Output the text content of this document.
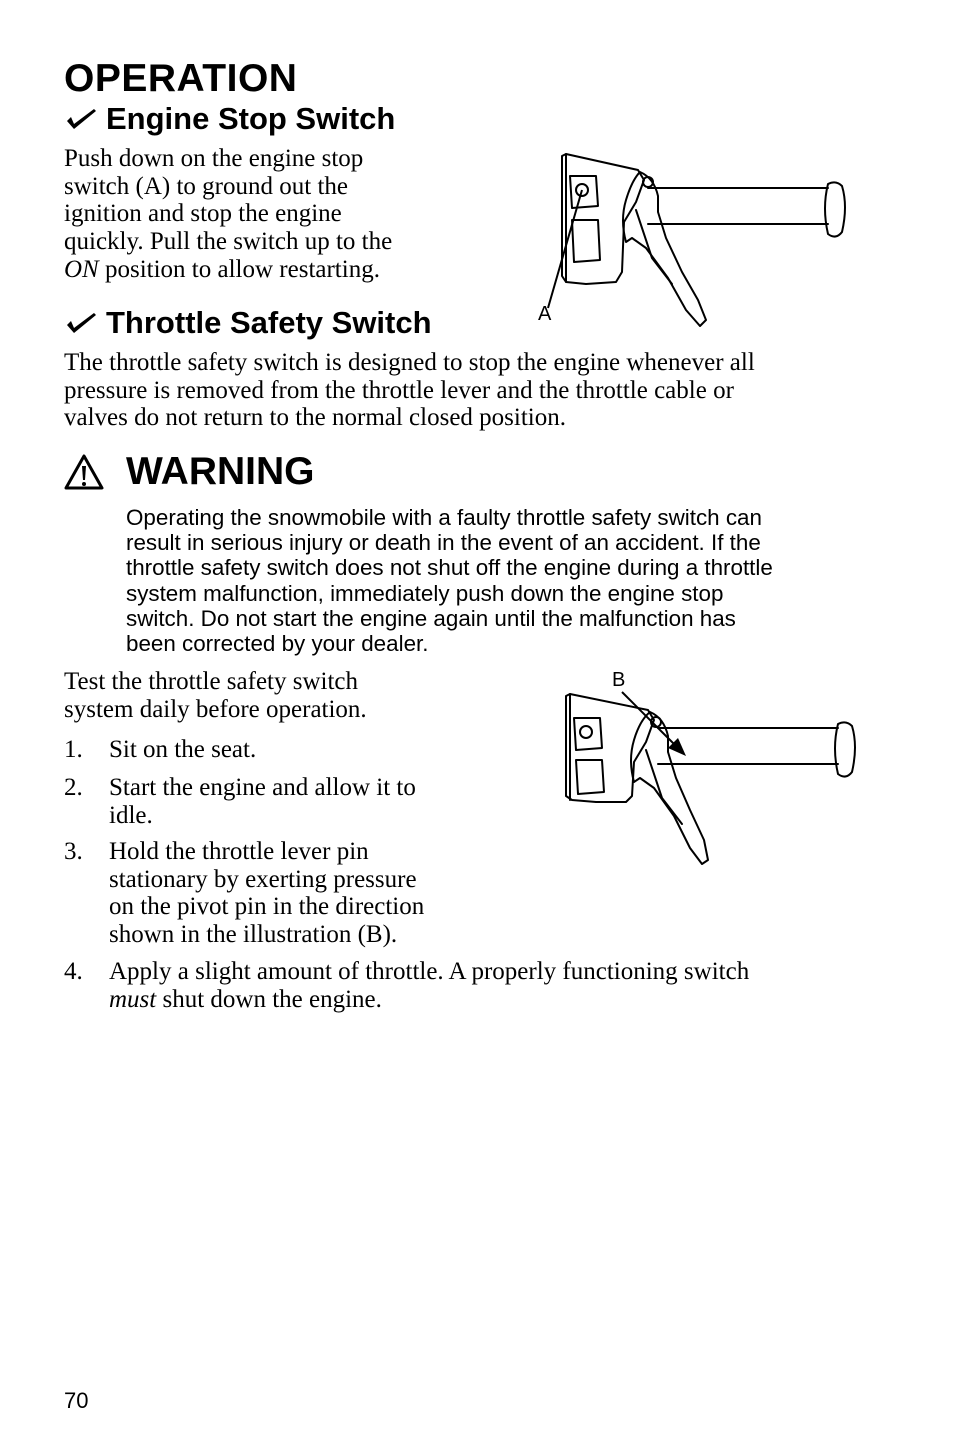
OPERATION
Engine Stop Switch
Push down on the engine stop
switch (A) to ground out the
ignition and stop the engine
quickly. Pull the switch up to the
ON position to allow restarting.
A
Throttle Safety Switch
The throttle safety switch is designed to stop the engine whenever all
pressure is removed from the throttle lever and the throttle cable or
valves do not return to the normal closed position.
WARNING
Operating the snowmobile with a faulty throttle safety switch can
result in serious injury or death in the event of an accident. If the
throttle safety switch does not shut off the engine during a throttle
system malfunction, immediately push down the engine stop
switch. Do not start the engine again until the malfunction has
been corrected by your dealer.
Test the throttle safety switch
system daily before operation.
B
1. Sit on the seat.
2. Start the engine and allow it to
idle.
3. Hold the throttle lever pin
stationary by exerting pressure
on the pivot pin in the direction
shown in the illustration (B).
4. Apply a slight amount of throttle. A properly functioning switch
must shut down the engine.
70
